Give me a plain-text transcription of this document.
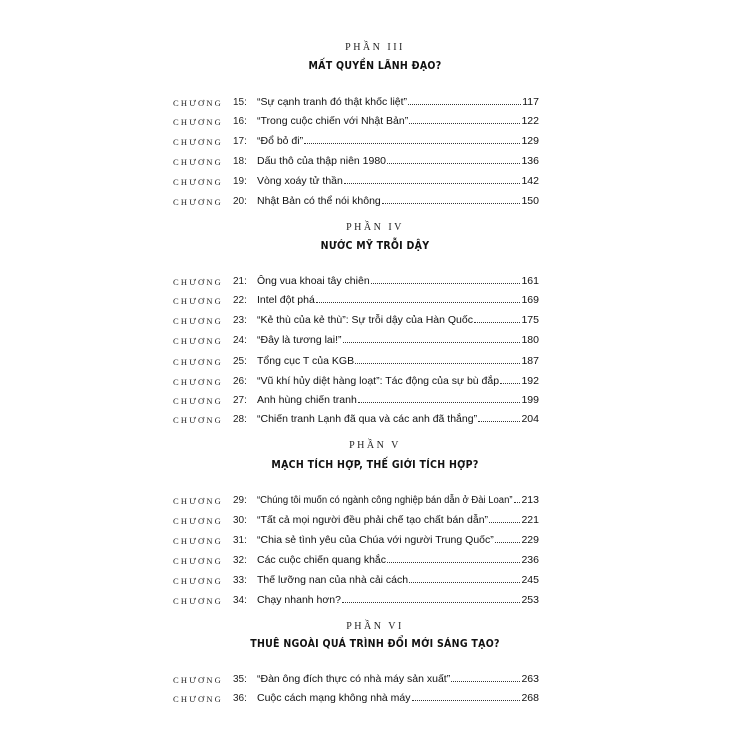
PHẦN III
MẤT QUYỀN LÃNH ĐẠO?
CHƯƠNG 15: “Sự cạnh tranh đó thật khốc liệt”	117
CHƯƠNG 16: “Trong cuộc chiến với Nhật Bản”	122
CHƯƠNG 17: “Đổ bỏ đi”	129
CHƯƠNG 18: Dấu thô của thập niên 1980	136
CHƯƠNG 19: Vòng xoáy tử thần	142
CHƯƠNG 20: Nhật Bản có thể nói không	150
PHẦN IV
NƯỚC MỸ TRỖI DẬY
CHƯƠNG 21: Ông vua khoai tây chiên	161
CHƯƠNG 22: Intel đột phá	169
CHƯƠNG 23: “Kẻ thù của kẻ thù”: Sự trỗi dậy của Hàn Quốc	175
CHƯƠNG 24: “Đây là tương lai!”	180
CHƯƠNG 25: Tổng cục T của KGB	187
CHƯƠNG 26: “Vũ khí hủy diệt hàng loạt”: Tác động của sự bù đắp 192
CHƯƠNG 27: Anh hùng chiến tranh	199
CHƯƠNG 28: “Chiến tranh Lạnh đã qua và các anh đã thắng”	204
PHẦN V
MẠCH TÍCH HỢP, THẾ GIỚI TÍCH HỢP?
CHƯƠNG 29:	“Chúng tôi muốn có ngành công nghiệp bán dẫn ở Đài Loan” 213
CHƯƠNG 30: “Tất cả mọi người đều phải chế tạo chất bán dẫn”	221
CHƯƠNG 31: “Chia sẻ tình yêu của Chúa với người Trung Quốc”	229
CHƯƠNG 32: Các cuộc chiến quang khắc	236
CHƯƠNG 33: Thế lưỡng nan của nhà cải cách	245
CHƯƠNG 34: Chạy nhanh hơn?	253
PHẦN VI
THUÊ NGOÀI QUÁ TRÌNH ĐỔI MỚI SÁNG TẠO?
CHƯƠNG 35: “Đàn ông đích thực có nhà máy sản xuất”	263
CHƯƠNG 36: Cuộc cách mạng không nhà máy	268
